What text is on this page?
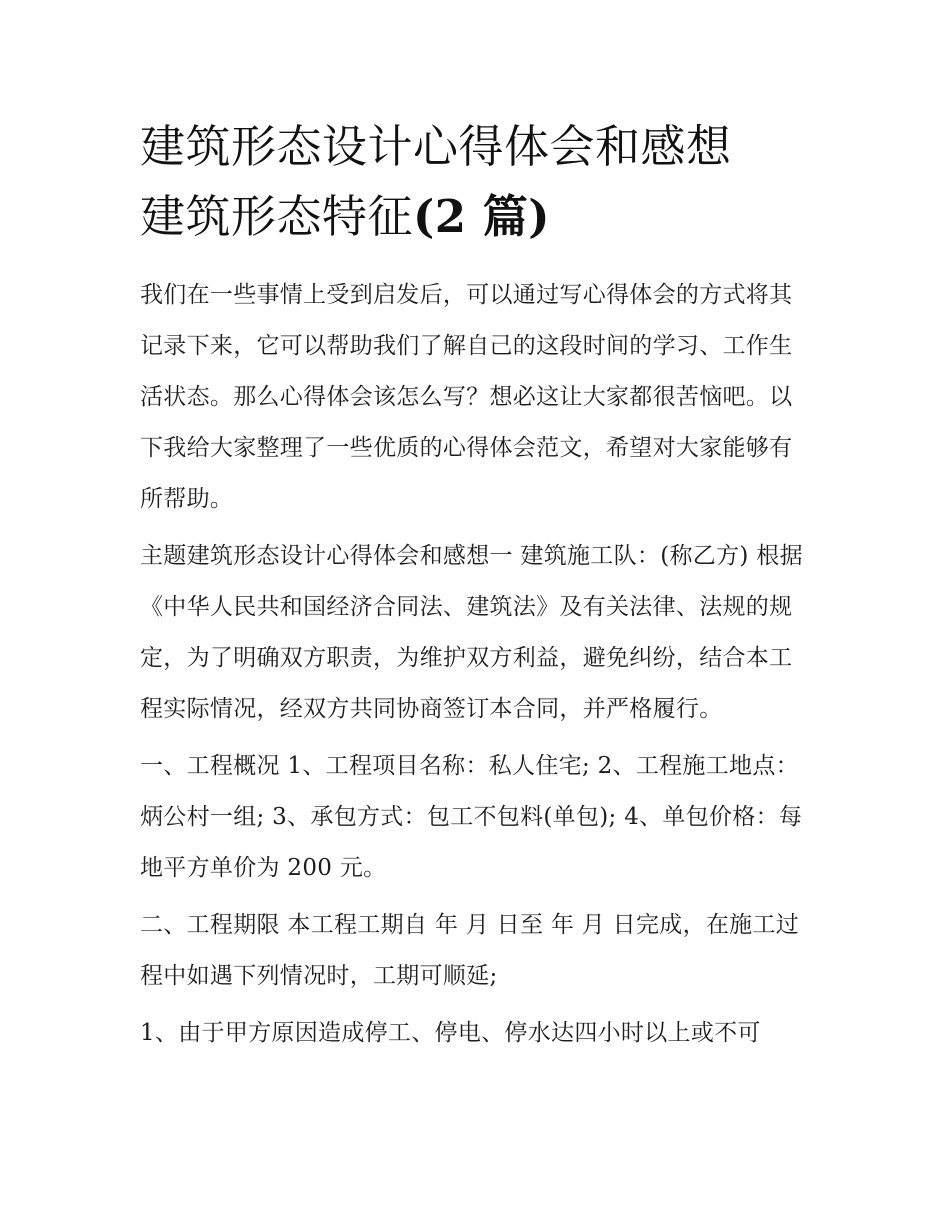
建筑形态设计心得体会和感想
建筑形态特征(2 篇)

我们在一些事情上受到启发后，可以通过写心得体会的方式将其记录下来，它可以帮助我们了解自己的这段时间的学习、工作生活状态。那么心得体会该怎么写？想必这让大家都很苦恼吧。以下我给大家整理了一些优质的心得体会范文，希望对大家能够有所帮助。

主题建筑形态设计心得体会和感想一 建筑施工队：(称乙方) 根据《中华人民共和国经济合同法、建筑法》及有关法律、法规的规定，为了明确双方职责，为维护双方利益，避免纠纷，结合本工程实际情况，经双方共同协商签订本合同，并严格履行。

一、工程概况 1、工程项目名称：私人住宅; 2、工程施工地点：炳公村一组; 3、承包方式：包工不包料(单包); 4、单包价格：每地平方单价为 200 元。

二、工程期限 本工程工期自 年 月 日至 年 月 日完成，在施工过程中如遇下列情况时，工期可顺延;

1、由于甲方原因造成停工、停电、停水达四小时以上或不可
